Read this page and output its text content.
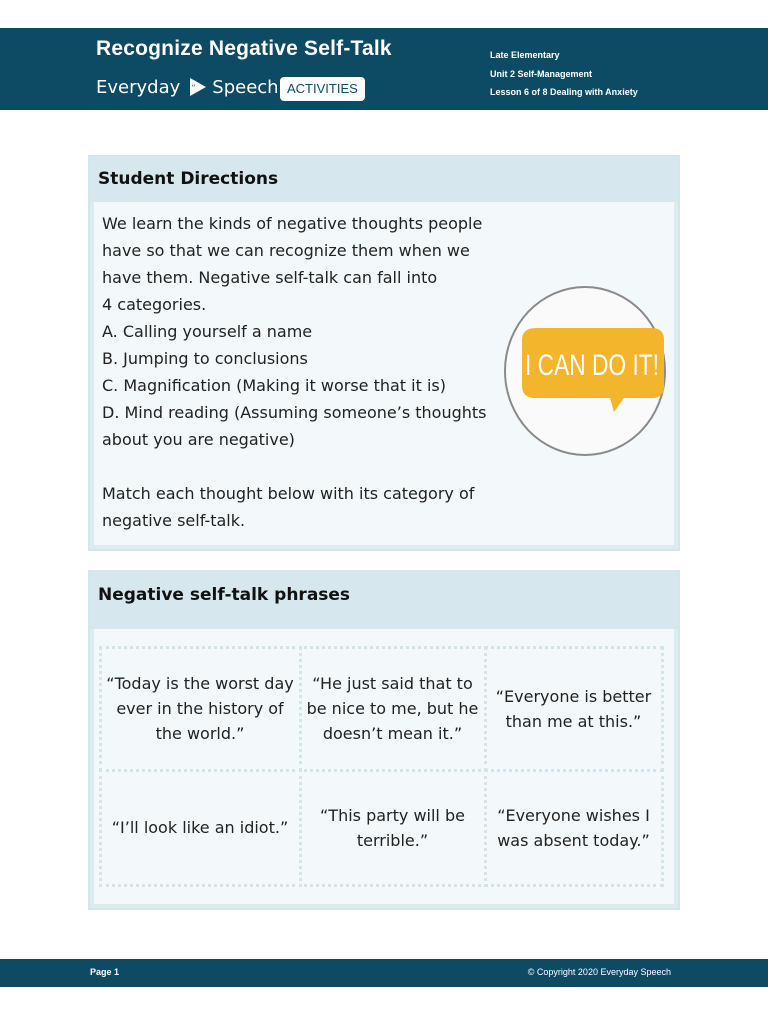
Recognize Negative Self-Talk
Everyday “ Speech ACTIVITIES
Late Elementary
Unit 2 Self-Management
Lesson 6 of 8 Dealing with Anxiety
Student Directions

We learn the kinds of negative thoughts people

have so that we can recognize them when we

have them. Negative self-talk can fall into

4 categories.

A. Calling yourself a name

B. Jumping to conclusions

C. Magnification (Making it worse that it is)

D. Mind reading (Assuming someone’s thoughts

about you are negative)

Match each thought below with its category of

negative self-talk.

I CAN DO IT!
Negative self-talk phrases
“Today is the worst day ever in the history of the world.”
“He just said that to be nice to me, but he doesn’t mean it.”
“Everyone is better than me at this.”
“I’ll look like an idiot.”
“This party will be terrible.”
“Everyone wishes I was absent today.”
Page 1	© Copyright 2020 Everyday Speech
